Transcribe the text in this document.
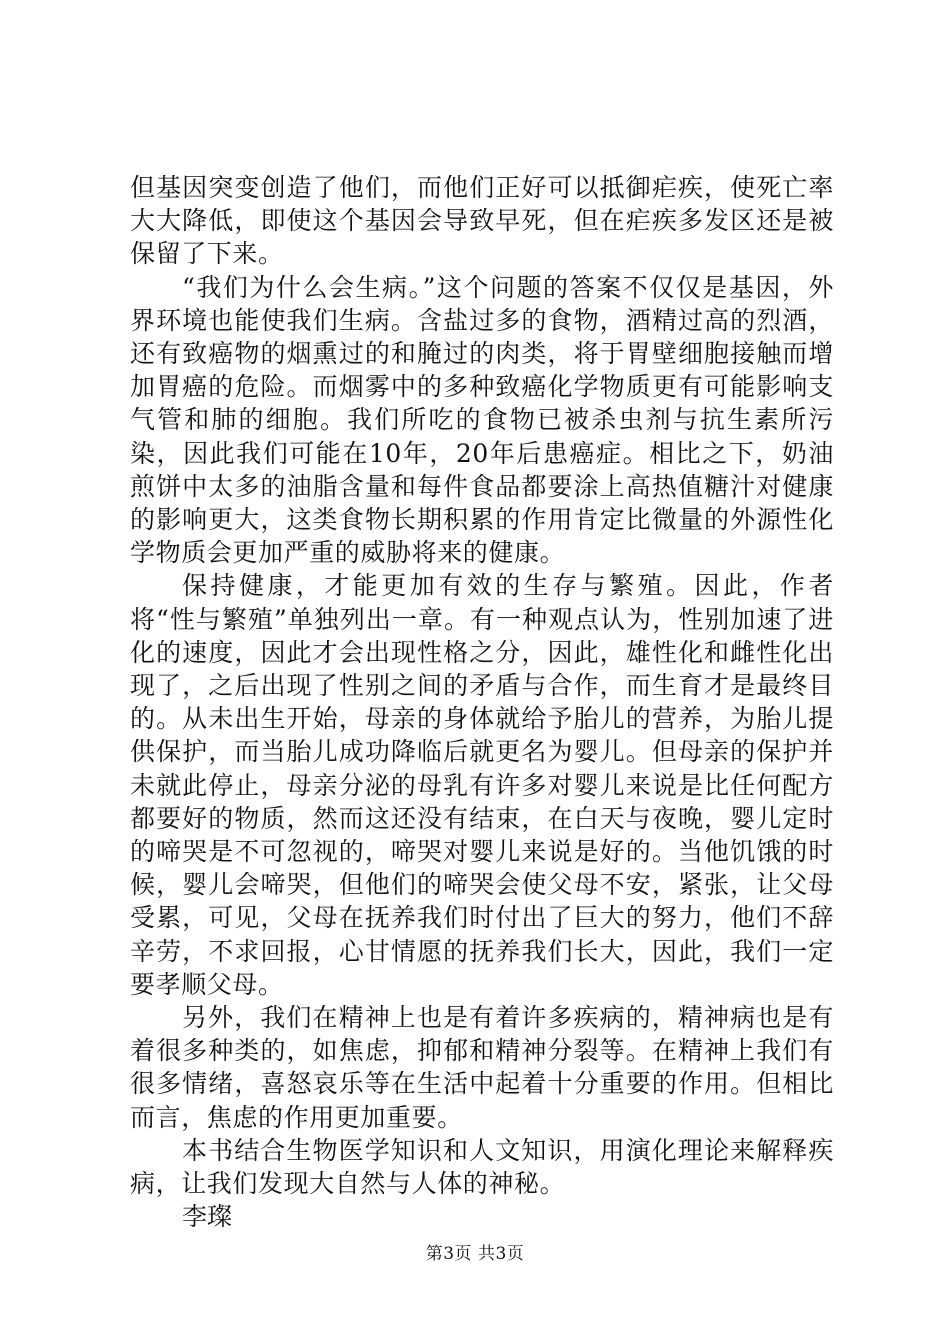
但基因突变创造了他们，而他们正好可以抵御疟疾，使死亡率大大降低，即使这个基因会导致早死，但在疟疾多发区还是被保留了下来。

“我们为什么会生病。”这个问题的答案不仅仅是基因，外界环境也能使我们生病。含盐过多的食物，酒精过高的烈酒，还有致癌物的烟熏过的和腌过的肉类，将于胃壁细胞接触而增加胃癌的危险。而烟雾中的多种致癌化学物质更有可能影响支气管和肺的细胞。我们所吃的食物已被杀虫剂与抗生素所污染，因此我们可能在10年，20年后患癌症。相比之下，奶油煎饼中太多的油脂含量和每件食品都要涂上高热值糖汁对健康的影响更大，这类食物长期积累的作用肯定比微量的外源性化学物质会更加严重的威胁将来的健康。

保持健康，才能更加有效的生存与繁殖。因此，作者将“性与繁殖”单独列出一章。有一种观点认为，性别加速了进化的速度，因此才会出现性格之分，因此，雄性化和雌性化出现了，之后出现了性别之间的矛盾与合作，而生育才是最终目的。从未出生开始，母亲的身体就给予胎儿的营养，为胎儿提供保护，而当胎儿成功降临后就更名为婴儿。但母亲的保护并未就此停止，母亲分泌的母乳有许多对婴儿来说是比任何配方都要好的物质，然而这还没有结束，在白天与夜晚，婴儿定时的啼哭是不可忽视的，啼哭对婴儿来说是好的。当他饥饿的时候，婴儿会啼哭，但他们的啼哭会使父母不安，紧张，让父母受累，可见，父母在抚养我们时付出了巨大的努力，他们不辞辛劳，不求回报，心甘情愿的抚养我们长大，因此，我们一定要孝顺父母。

另外，我们在精神上也是有着许多疾病的，精神病也是有着很多种类的，如焦虑，抑郁和精神分裂等。在精神上我们有很多情绪，喜怒哀乐等在生活中起着十分重要的作用。但相比而言，焦虑的作用更加重要。

本书结合生物医学知识和人文知识，用演化理论来解释疾病，让我们发现大自然与人体的神秘。

李璨

第3页 共3页
